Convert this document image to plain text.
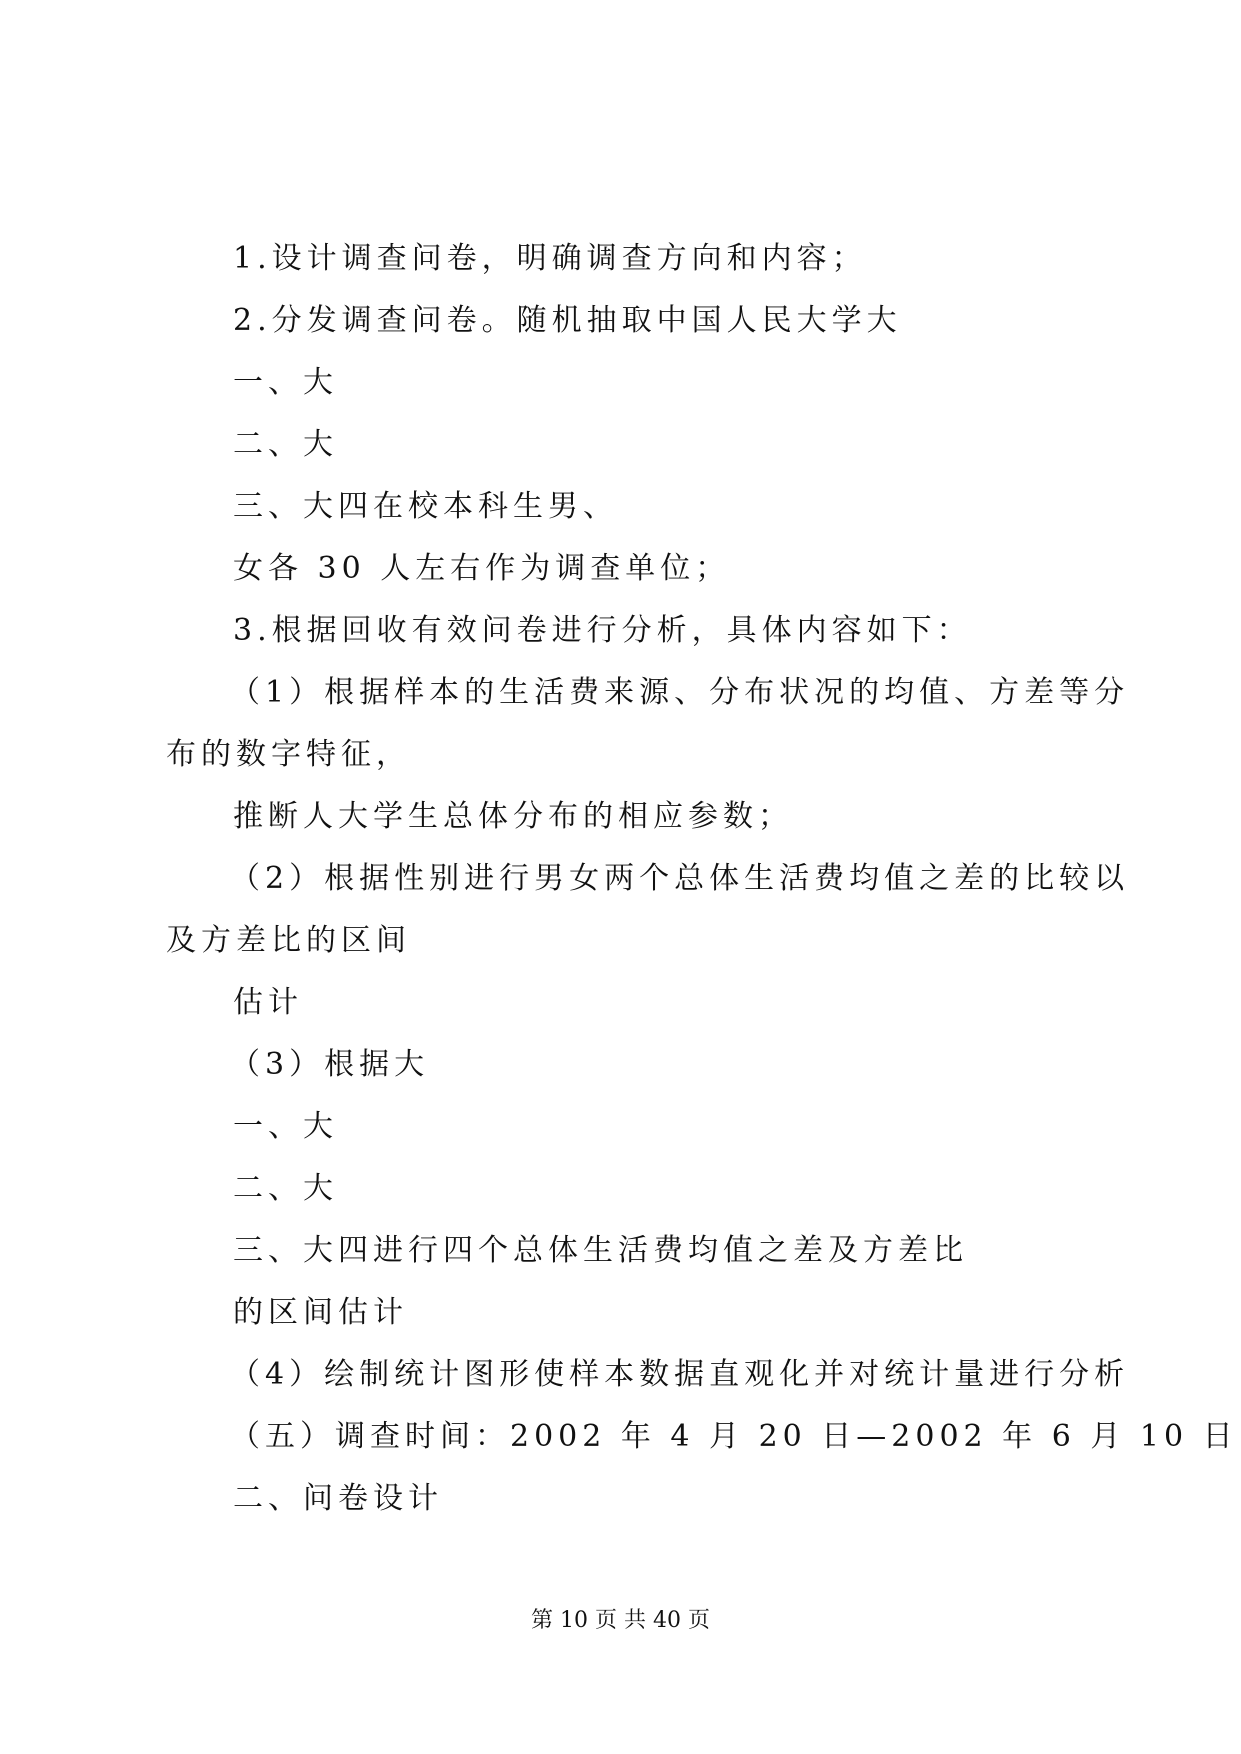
1.设计调查问卷，明确调查方向和内容；
2.分发调查问卷。随机抽取中国人民大学大
一、大
二、大
三、大四在校本科生男、
女各 30 人左右作为调查单位；
3.根据回收有效问卷进行分析，具体内容如下：
（1）根据样本的生活费来源、分布状况的均值、方差等分
布的数字特征，
推断人大学生总体分布的相应参数；
（2）根据性别进行男女两个总体生活费均值之差的比较以
及方差比的区间
估计
（3）根据大
一、大
二、大
三、大四进行四个总体生活费均值之差及方差比
的区间估计
（4）绘制统计图形使样本数据直观化并对统计量进行分析
（五）调查时间：2002 年 4 月 20 日—2002 年 6 月 10 日
二、问卷设计
第 10 页 共 40 页
